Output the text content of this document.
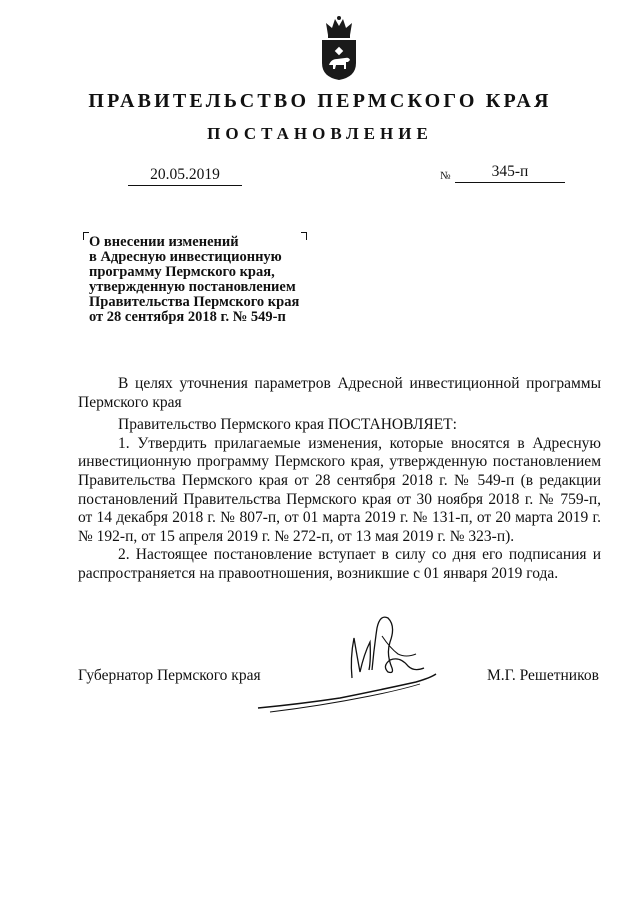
ПРАВИТЕЛЬСТВО ПЕРМСКОГО КРАЯ
ПОСТАНОВЛЕНИЕ
20.05.2019	№	345-п
О внесении изменений
в Адресную инвестиционную
программу Пермского края,
утвержденную постановлением
Правительства Пермского края
от 28 сентября 2018 г. № 549-п

В целях уточнения параметров Адресной инвестиционной программы Пермского края

Правительство Пермского края ПОСТАНОВЛЯЕТ:

1. Утвердить прилагаемые изменения, которые вносятся в Адресную инвестиционную программу Пермского края, утвержденную постановлением Правительства Пермского края от 28 сентября 2018 г. № 549-п (в редакции постановлений Правительства Пермского края от 30 ноября 2018 г. № 759-п, от 14 декабря 2018 г. № 807-п, от 01 марта 2019 г. № 131-п, от 20 марта 2019 г. № 192-п, от 15 апреля 2019 г. № 272-п, от 13 мая 2019 г. № 323-п).

2. Настоящее постановление вступает в силу со дня его подписания и распространяется на правоотношения, возникшие с 01 января 2019 года.

Губернатор Пермского края	М.Г. Решетников
